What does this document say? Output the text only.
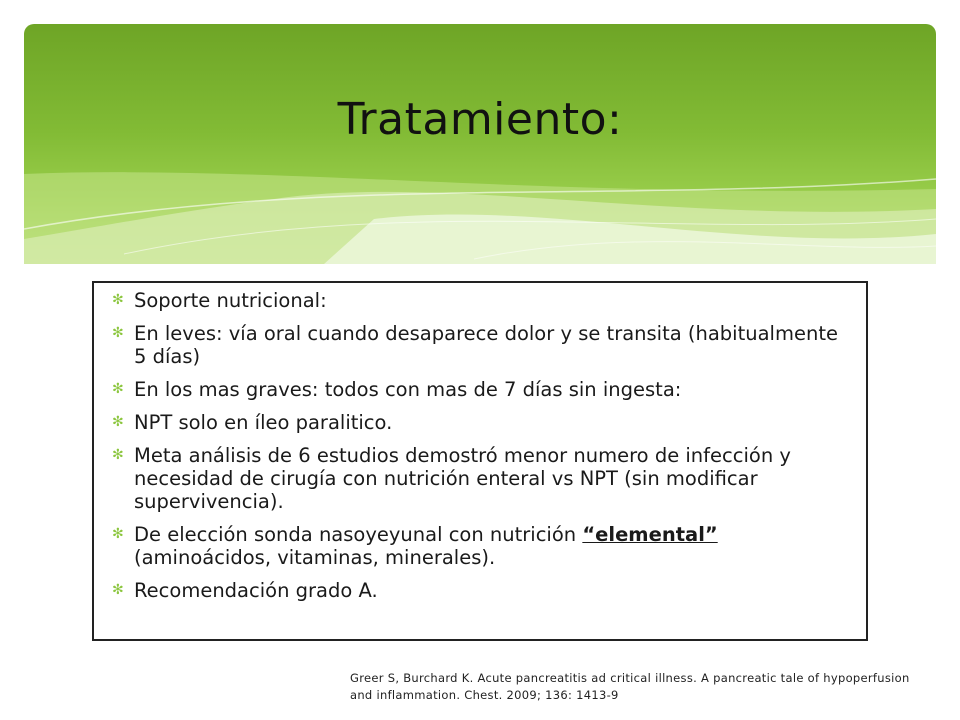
Tratamiento:
✻ Soporte nutricional:
✻ En leves: vía oral cuando desaparece dolor y se transita (habitualmente 5 días)
✻ En los mas graves: todos con mas de 7 días sin ingesta:
✻ NPT solo en íleo paralitico.
✻ Meta análisis de 6 estudios demostró menor numero de infección y necesidad de cirugía con nutrición enteral vs NPT (sin modificar supervivencia).
✻ De elección sonda nasoyeyunal con nutrición “elemental” (aminoácidos, vitaminas, minerales).
✻ Recomendación grado A.
Greer S, Burchard K. Acute pancreatitis ad critical illness. A pancreatic tale of hypoperfusion
and inflammation. Chest. 2009; 136: 1413-9
